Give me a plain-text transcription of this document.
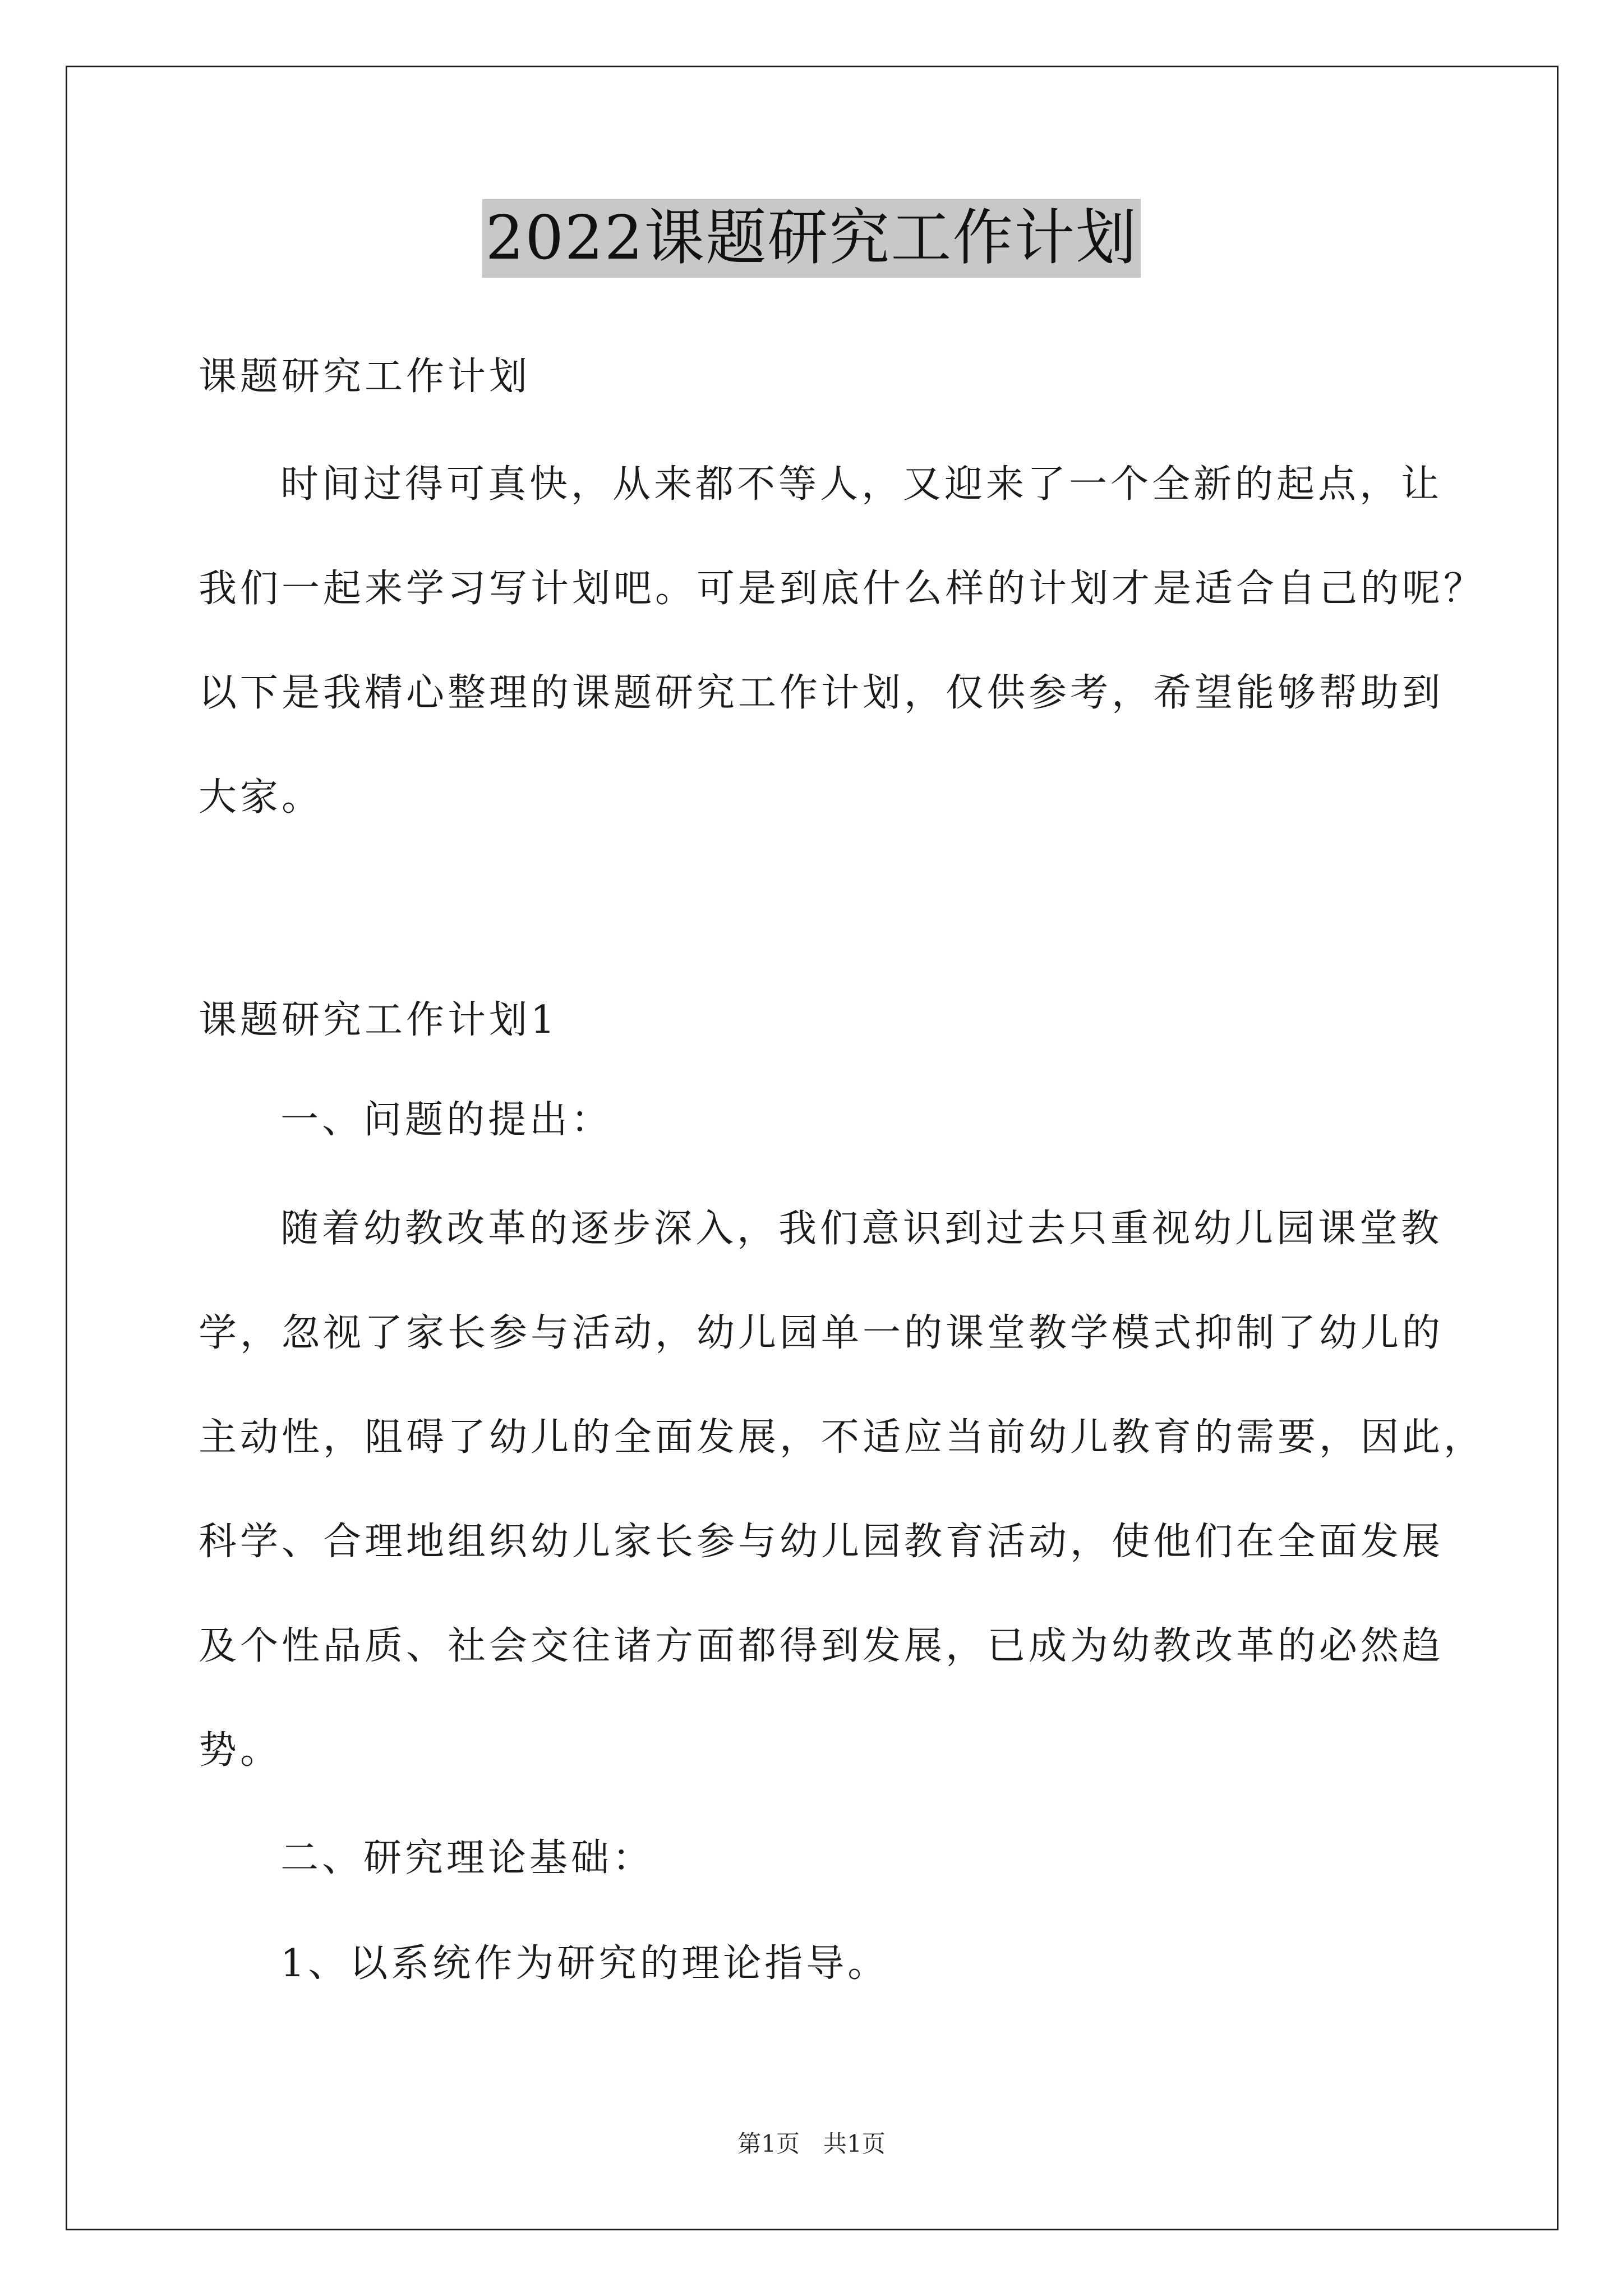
2022课题研究工作计划
课题研究工作计划
时间过得可真快，从来都不等人，又迎来了一个全新的起点，让
我们一起来学习写计划吧。可是到底什么样的计划才是适合自己的呢？
以下是我精心整理的课题研究工作计划，仅供参考，希望能够帮助到
大家。
课题研究工作计划1
一、问题的提出：
随着幼教改革的逐步深入，我们意识到过去只重视幼儿园课堂教
学，忽视了家长参与活动，幼儿园单一的课堂教学模式抑制了幼儿的
主动性，阻碍了幼儿的全面发展，不适应当前幼儿教育的需要，因此，
科学、合理地组织幼儿家长参与幼儿园教育活动，使他们在全面发展
及个性品质、社会交往诸方面都得到发展，已成为幼教改革的必然趋
势。
二、研究理论基础：
1、以系统作为研究的理论指导。
第1页　共1页
